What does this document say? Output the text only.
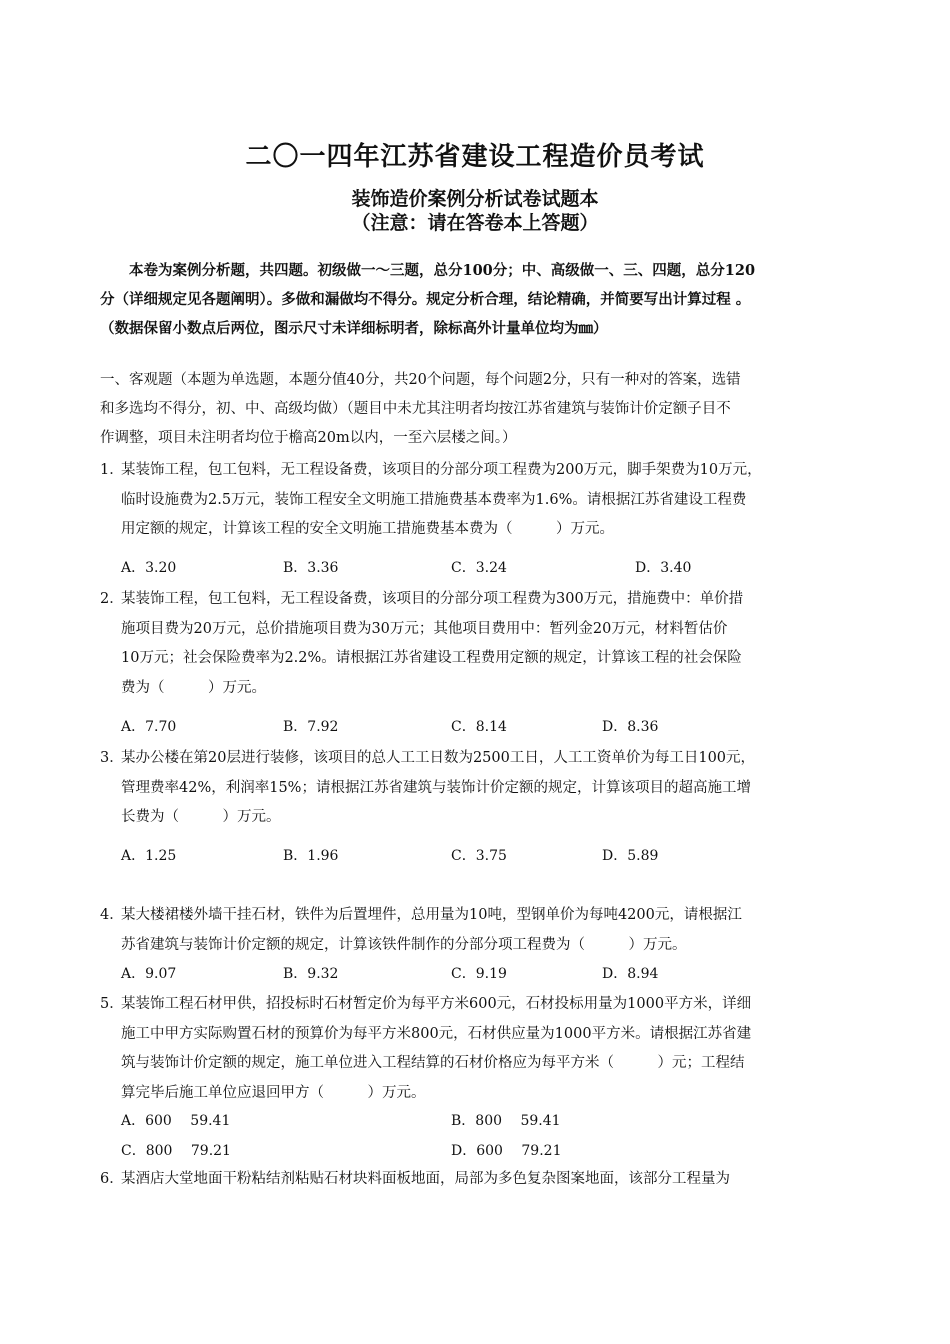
二〇一四年江苏省建设工程造价员考试
装饰造价案例分析试卷试题本
（注意：请在答卷本上答题）
本卷为案例分析题，共四题。初级做一～三题，总分100分；中、高级做一、三、四题，总分120
分（详细规定见各题阐明）。多做和漏做均不得分。规定分析合理，结论精确，并简要写出计算过程 。
（数据保留小数点后两位，图示尺寸未详细标明者，除标高外计量单位均为㎜）
一、客观题（本题为单选题，本题分值40分，共20个问题，每个问题2分，只有一种对的答案，选错
和多选均不得分，初、中、高级均做）（题目中未尤其注明者均按江苏省建筑与装饰计价定额子目不
作调整，项目未注明者均位于檐高20m以内，一至六层楼之间。）
1．
某装饰工程，包工包料，无工程设备费，该项目的分部分项工程费为200万元，脚手架费为10万元，
临时设施费为2.5万元，装饰工程安全文明施工措施费基本费率为1.6%。请根据江苏省建设工程费
用定额的规定，计算该工程的安全文明施工措施费基本费为（　　　）万元。
A．3.20	B．3.36	C．3.24	D．3.40
2．
某装饰工程，包工包料，无工程设备费，该项目的分部分项工程费为300万元，措施费中：单价措
施项目费为20万元，总价措施项目费为30万元；其他项目费用中：暂列金20万元，材料暂估价
10万元；社会保险费率为2.2%。请根据江苏省建设工程费用定额的规定，计算该工程的社会保险
费为（　　　）万元。
A．7.70	B．7.92	C．8.14	D．8.36
3．
某办公楼在第20层进行装修，该项目的总人工工日数为2500工日，人工工资单价为每工日100元，
管理费率42%，利润率15%；请根据江苏省建筑与装饰计价定额的规定，计算该项目的超高施工增
长费为（　　　）万元。
A．1.25	B．1.96	C．3.75	D．5.89
4．
某大楼裙楼外墙干挂石材，铁件为后置埋件，总用量为10吨，型钢单价为每吨4200元，请根据江
苏省建筑与装饰计价定额的规定，计算该铁件制作的分部分项工程费为（　　　）万元。
A．9.07	B．9.32	C．9.19	D．8.94
5．
某装饰工程石材甲供，招投标时石材暂定价为每平方米600元，石材投标用量为1000平方米，详细
施工中甲方实际购置石材的预算价为每平方米800元，石材供应量为1000平方米。请根据江苏省建
筑与装饰计价定额的规定，施工单位进入工程结算的石材价格应为每平方米（　　　）元；工程结
算完毕后施工单位应退回甲方（　　　）万元。
A．600　 59.41	B．800　 59.41
C．800　 79.21	D．600　 79.21
6．
某酒店大堂地面干粉粘结剂粘贴石材块料面板地面，局部为多色复杂图案地面，该部分工程量为
